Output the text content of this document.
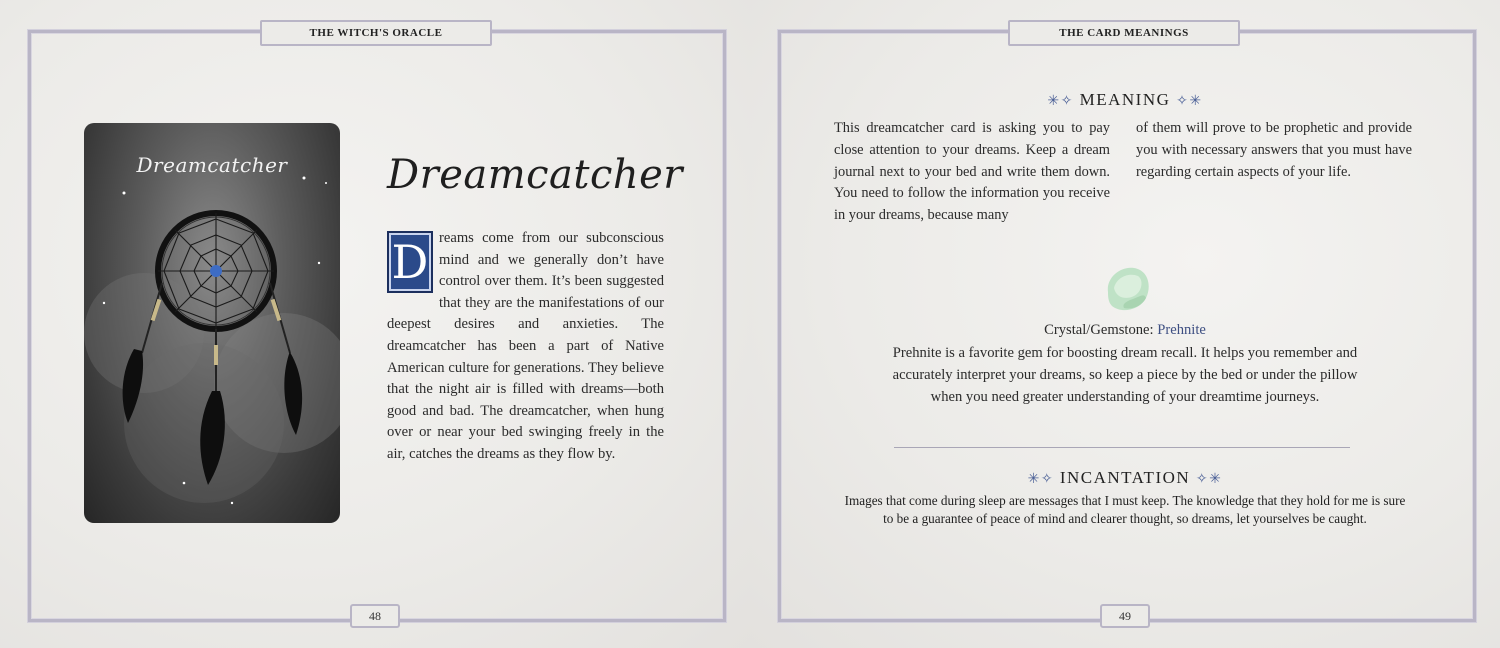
THE WITCH'S ORACLE
Dreamcatcher	Dreamcatcher
D reams come from our subconscious mind and we generally don’t have control over them. It’s been suggested that they are the manifestations of our deepest desires and anxieties. The dreamcatcher has been a part of Native American culture for generations. They believe that the night air is filled with dreams—both good and bad. The dreamcatcher, when hung over or near your bed swinging freely in the air, catches the dreams as they flow by.
48
THE CARD MEANINGS
✳✧ MEANING ✧✳
This dreamcatcher card is asking you to pay close attention to your dreams. Keep a dream journal next to your bed and write them down. You need to follow the information you receive in your dreams, because many
of them will prove to be prophetic and provide you with necessary answers that you must have regarding certain aspects of your life.
Crystal/Gemstone: Prehnite
Prehnite is a favorite gem for boosting dream recall. It helps you remember and accurately interpret your dreams, so keep a piece by the bed or under the pillow when you need greater understanding of your dreamtime journeys.
✳✧ INCANTATION ✧✳
Images that come during sleep are messages that I must keep. The knowledge that they hold for me is sure to be a guarantee of peace of mind and clearer thought, so dreams, let yourselves be caught.
49
